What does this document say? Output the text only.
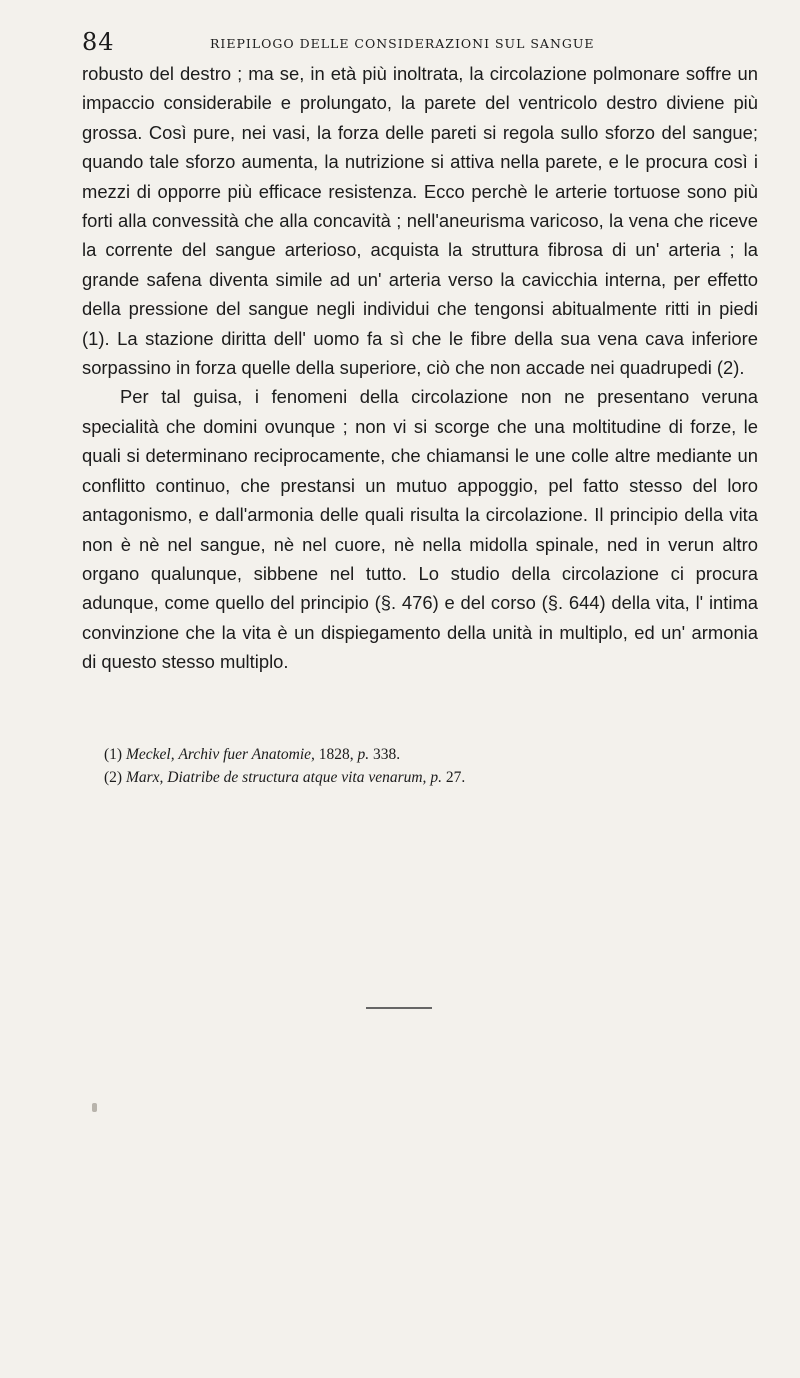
84	RIEPILOGO DELLE CONSIDERAZIONI SUL SANGUE

robusto del destro ; ma se, in età più inoltrata, la circolazione polmonare soffre un impaccio considerabile e prolungato, la parete del ventricolo destro diviene più grossa. Così pure, nei vasi, la forza delle pareti si regola sullo sforzo del sangue; quando tale sforzo aumenta, la nutrizione si attiva nella parete, e le procura così i mezzi di opporre più efficace resistenza. Ecco perchè le arterie tortuose sono più forti alla convessità che alla concavità ; nell'aneurisma varicoso, la vena che riceve la corrente del sangue arterioso, acquista la struttura fibrosa di un' arteria ; la grande safena diventa simile ad un' arteria verso la cavicchia interna, per effetto della pressione del sangue negli individui che tengonsi abitualmente ritti in piedi (1). La stazione diritta dell' uomo fa sì che le fibre della sua vena cava inferiore sorpassino in forza quelle della superiore, ciò che non accade nei quadrupedi (2).

Per tal guisa, i fenomeni della circolazione non ne presentano veruna specialità che domini ovunque ; non vi si scorge che una moltitudine di forze, le quali si determinano reciprocamente, che chiamansi le une colle altre mediante un conflitto continuo, che prestansi un mutuo appoggio, pel fatto stesso del loro antagonismo, e dall'armonia delle quali risulta la circolazione. Il principio della vita non è nè nel sangue, nè nel cuore, nè nella midolla spinale, ned in verun altro organo qualunque, sibbene nel tutto. Lo studio della circolazione ci procura adunque, come quello del principio (§. 476) e del corso (§. 644) della vita, l' intima convinzione che la vita è un dispiegamento della unità in multiplo, ed un' armonia di questo stesso multiplo.

(1) Meckel, Archiv fuer Anatomie, 1828, p. 338.
(2) Marx, Diatribe de structura atque vita venarum, p. 27.
